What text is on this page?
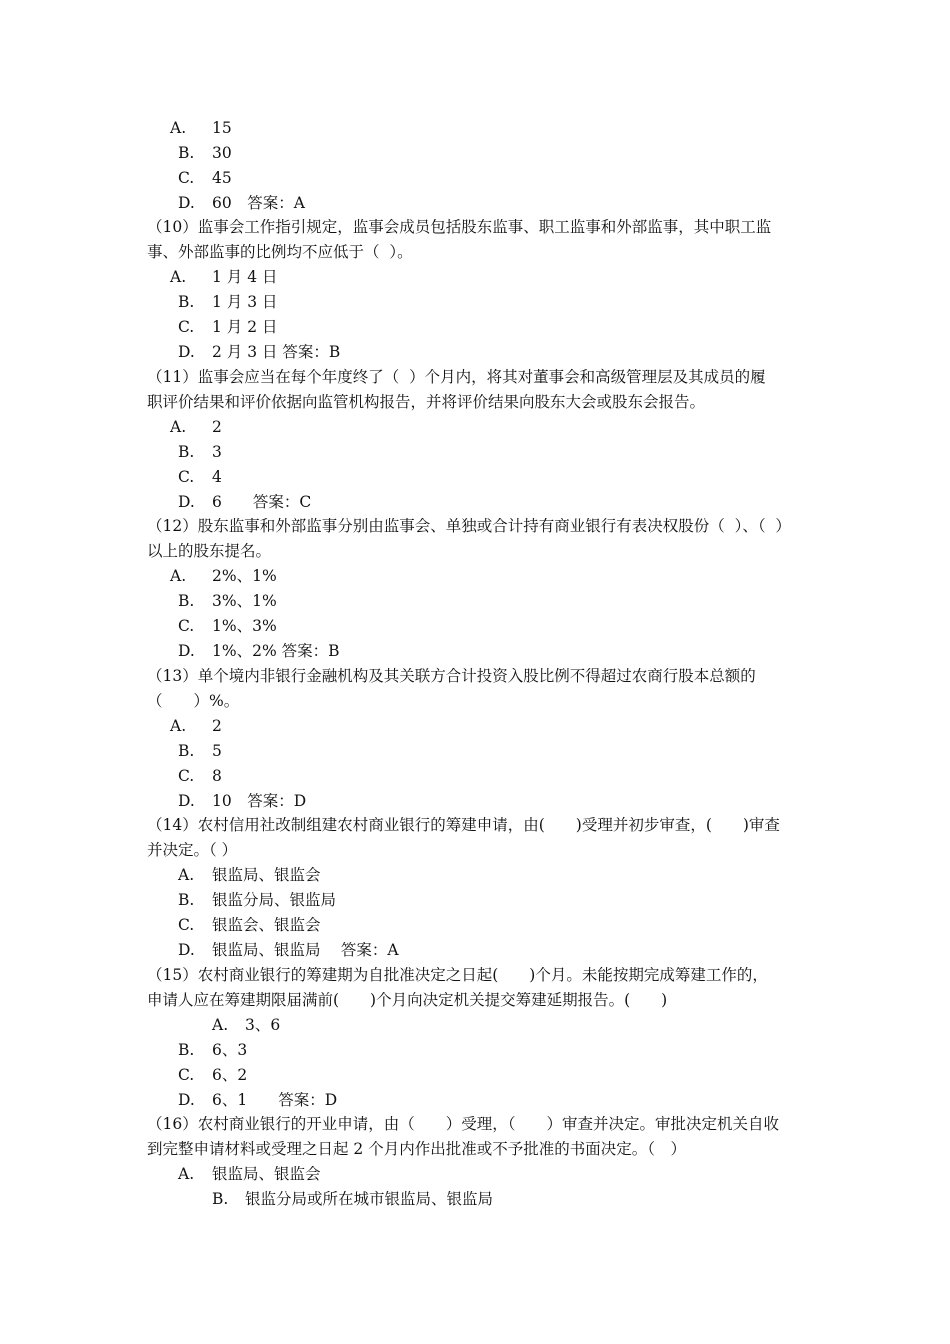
A. 15
B. 30
C. 45
D. 60　答案：A
（10）监事会工作指引规定，监事会成员包括股东监事、职工监事和外部监事，其中职工监
事、外部监事的比例均不应低于（  ）。
A. 1 月 4 日
B. 1 月 3 日
C. 1 月 2 日
D. 2 月 3 日 答案：B
（11）监事会应当在每个年度终了（  ）个月内，将其对董事会和高级管理层及其成员的履
职评价结果和评价依据向监管机构报告，并将评价结果向股东大会或股东会报告。
A. 2
B. 3
C. 4
D. 6　　答案：C
（12）股东监事和外部监事分别由监事会、单独或合计持有商业银行有表决权股份（  ）、（  ）
以上的股东提名。
A. 2%、1%
B. 3%、1%
C. 1%、3%
D. 1%、2% 答案：B
（13）单个境内非银行金融机构及其关联方合计投资入股比例不得超过农商行股本总额的
（　　）%。
A. 2
B. 5
C. 8
D. 10　答案：D
（14）农村信用社改制组建农村商业银行的筹建申请，由(　　)受理并初步审查，(　　)审查
并决定。（ ）
A. 银监局、银监会
B. 银监分局、银监局
C. 银监会、银监会
D. 银监局、银监局　 答案：A
（15）农村商业银行的筹建期为自批准决定之日起(　　)个月。未能按期完成筹建工作的，
申请人应在筹建期限届满前(　　)个月向决定机关提交筹建延期报告。(　　)
A. 3、6
B. 6、3
C. 6、2
D. 6、1　　答案：D
（16）农村商业银行的开业申请，由（　　）受理，（　　）审查并决定。审批决定机关自收
到完整申请材料或受理之日起 2 个月内作出批准或不予批准的书面决定。（　）
A. 银监局、银监会
B. 银监分局或所在城市银监局、银监局
